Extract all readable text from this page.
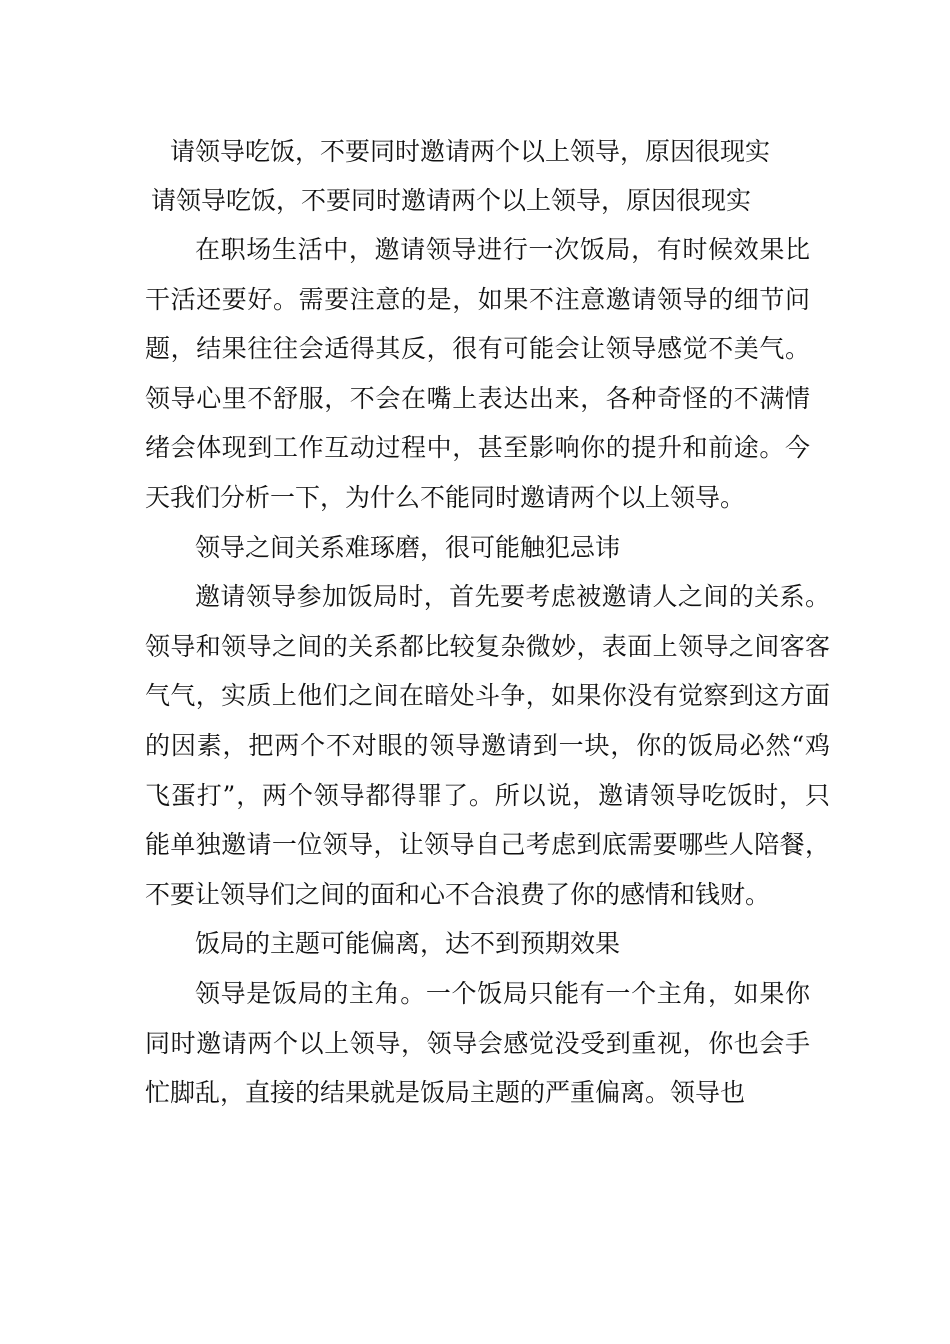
请领导吃饭，不要同时邀请两个以上领导，原因很现实
请领导吃饭，不要同时邀请两个以上领导，原因很现实

在职场生活中，邀请领导进行一次饭局，有时候效果比干活还要好。需要注意的是，如果不注意邀请领导的细节问题，结果往往会适得其反，很有可能会让领导感觉不美气。领导心里不舒服，不会在嘴上表达出来，各种奇怪的不满情绪会体现到工作互动过程中，甚至影响你的提升和前途。今天我们分析一下，为什么不能同时邀请两个以上领导。

领导之间关系难琢磨，很可能触犯忌讳

邀请领导参加饭局时，首先要考虑被邀请人之间的关系。领导和领导之间的关系都比较复杂微妙，表面上领导之间客客气气，实质上他们之间在暗处斗争，如果你没有觉察到这方面的因素，把两个不对眼的领导邀请到一块，你的饭局必然“鸡飞蛋打”，两个领导都得罪了。所以说，邀请领导吃饭时，只能单独邀请一位领导，让领导自己考虑到底需要哪些人陪餐，不要让领导们之间的面和心不合浪费了你的感情和钱财。

饭局的主题可能偏离，达不到预期效果

领导是饭局的主角。一个饭局只能有一个主角，如果你同时邀请两个以上领导，领导会感觉没受到重视，你也会手忙脚乱，直接的结果就是饭局主题的严重偏离。领导也
